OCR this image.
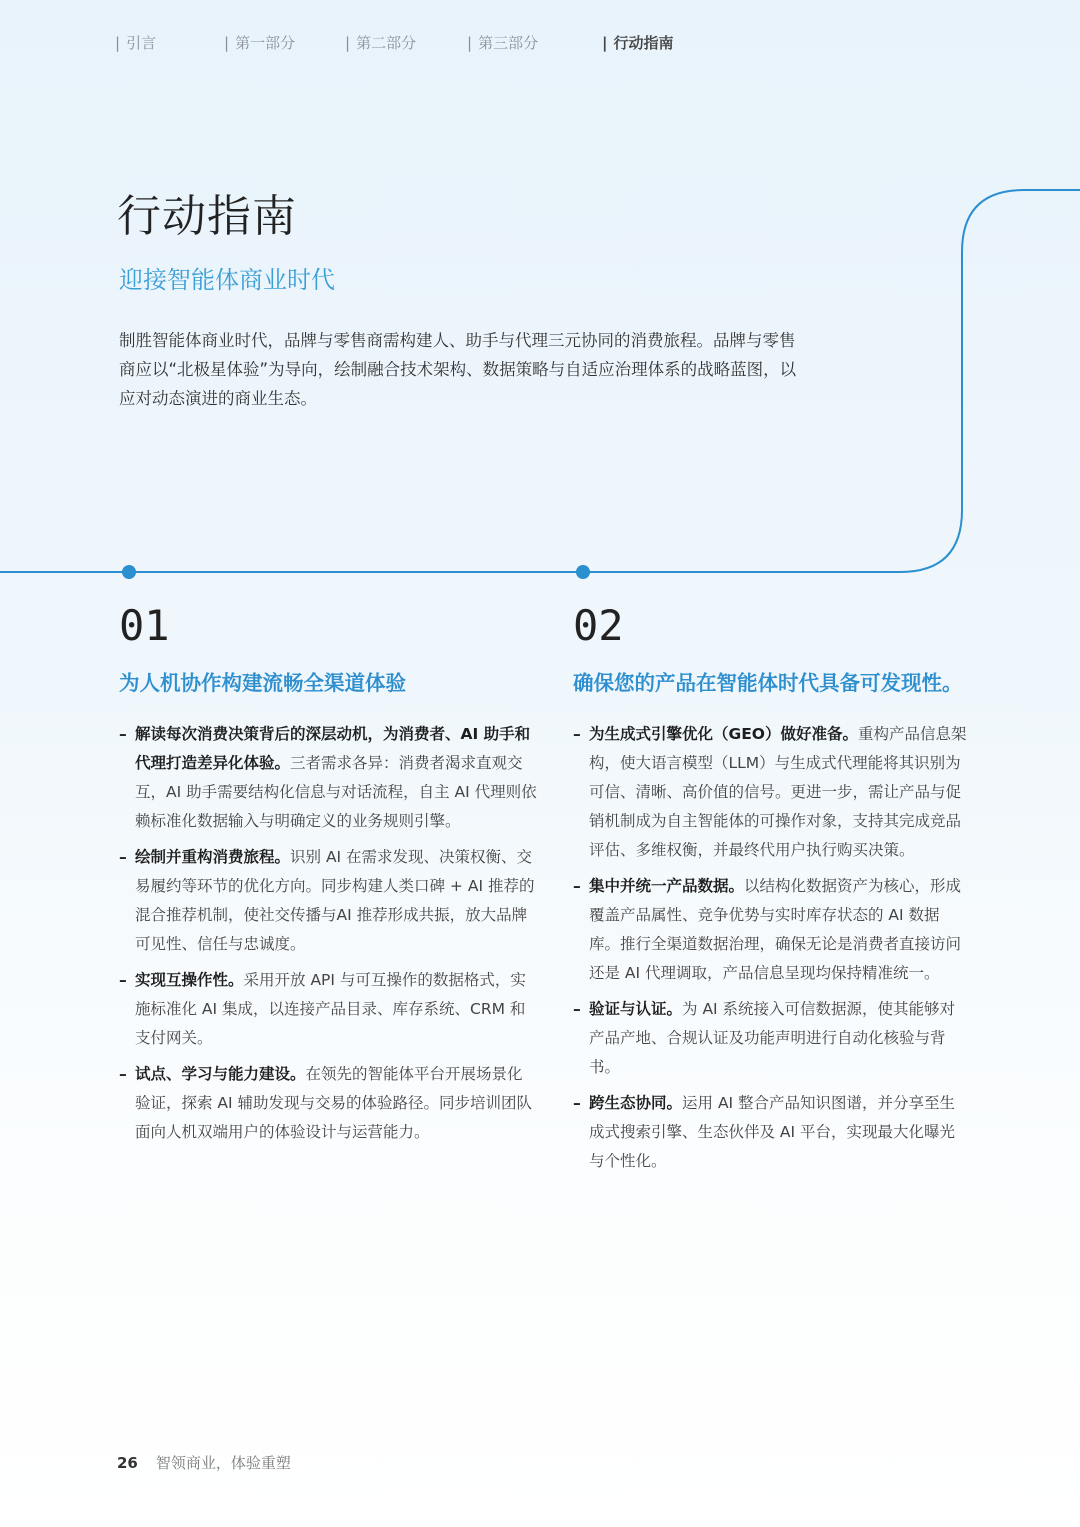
| 引言	| 第一部分	| 第二部分	| 第三部分	| 行动指南
行动指南
迎接智能体商业时代

制胜智能体商业时代，品牌与零售商需构建人、助手与代理三元协同的消费旅程。品牌与零售商应以“北极星体验”为导向，绘制融合技术架构、数据策略与自适应治理体系的战略蓝图，以应对动态演进的商业生态。

01
为人机协作构建流畅全渠道体验
– 解读每次消费决策背后的深层动机，为消费者、AI 助手和代理打造差异化体验。三者需求各异：消费者渴求直观交互，AI 助手需要结构化信息与对话流程，自主 AI 代理则依赖标准化数据输入与明确定义的业务规则引擎。
– 绘制并重构消费旅程。识别 AI 在需求发现、决策权衡、交易履约等环节的优化方向。同步构建人类口碑 + AI 推荐的混合推荐机制，使社交传播与AI 推荐形成共振，放大品牌可见性、信任与忠诚度。
– 实现互操作性。采用开放 API 与可互操作的数据格式，实施标准化 AI 集成，以连接产品目录、库存系统、CRM 和支付网关。
– 试点、学习与能力建设。在领先的智能体平台开展场景化验证，探索 AI 辅助发现与交易的体验路径。同步培训团队面向人机双端用户的体验设计与运营能力。
02
确保您的产品在智能体时代具备可发现性。
– 为生成式引擎优化（GEO）做好准备。重构产品信息架构，使大语言模型（LLM）与生成式代理能将其识别为可信、清晰、高价值的信号。更进一步，需让产品与促销机制成为自主智能体的可操作对象，支持其完成竞品评估、多维权衡，并最终代用户执行购买决策。
– 集中并统一产品数据。以结构化数据资产为核心，形成覆盖产品属性、竞争优势与实时库存状态的 AI 数据库。推行全渠道数据治理，确保无论是消费者直接访问还是 AI 代理调取，产品信息呈现均保持精准统一。
– 验证与认证。为 AI 系统接入可信数据源，使其能够对产品产地、合规认证及功能声明进行自动化核验与背书。
– 跨生态协同。运用 AI 整合产品知识图谱，并分享至生成式搜索引擎、生态伙伴及 AI 平台，实现最大化曝光与个性化。
26 智领商业，体验重塑
